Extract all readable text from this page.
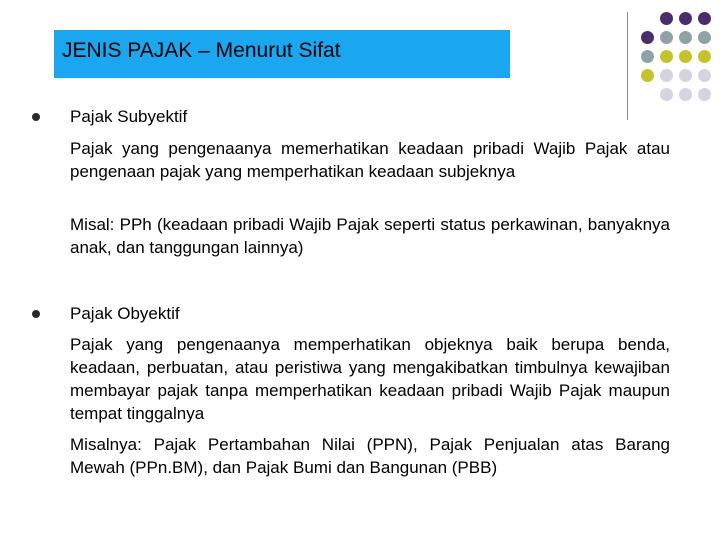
JENIS PAJAK – Menurut Sifat
Pajak Subyektif
Pajak yang pengenaanya memerhatikan keadaan pribadi Wajib Pajak atau pengenaan pajak yang memperhatikan keadaan subjeknya
Misal: PPh (keadaan pribadi Wajib Pajak seperti status perkawinan, banyaknya anak, dan tanggungan lainnya)
Pajak Obyektif
Pajak yang pengenaanya memperhatikan objeknya baik berupa benda, keadaan, perbuatan, atau peristiwa yang mengakibatkan timbulnya kewajiban membayar pajak tanpa memperhatikan keadaan pribadi Wajib Pajak maupun tempat tinggalnya
Misalnya: Pajak Pertambahan Nilai (PPN), Pajak Penjualan atas Barang Mewah (PPn.BM), dan Pajak Bumi dan Bangunan (PBB)
